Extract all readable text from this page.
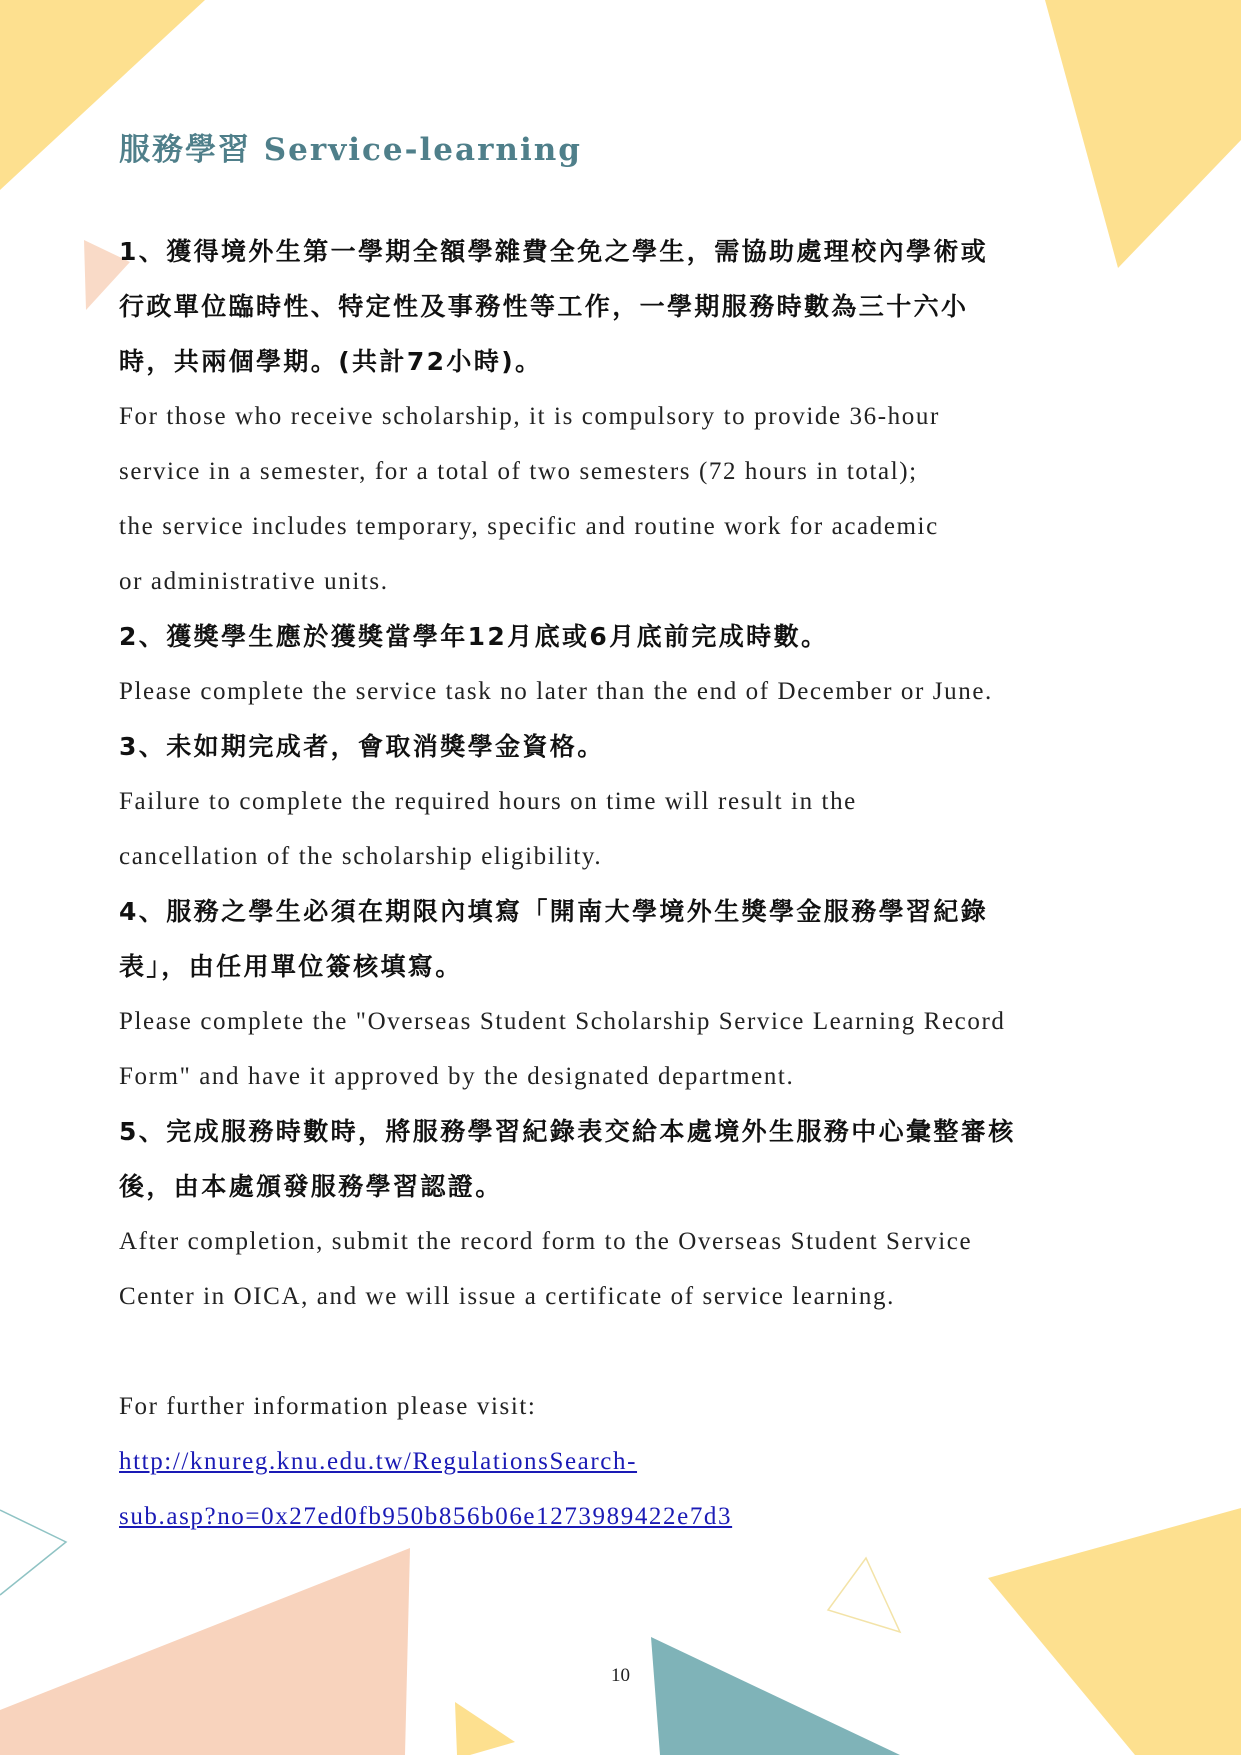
服務學習 Service-learning
1、獲得境外生第一學期全額學雜費全免之學生，需協助處理校內學術或
行政單位臨時性、特定性及事務性等工作，一學期服務時數為三十六小
時，共兩個學期。(共計72小時)。
For those who receive scholarship, it is compulsory to provide 36-hour
service in a semester, for a total of two semesters (72 hours in total);
the service includes temporary, specific and routine work for academic
or administrative units.
2、獲獎學生應於獲獎當學年12月底或6月底前完成時數。
Please complete the service task no later than the end of December or June.
3、未如期完成者，會取消獎學金資格。
Failure to complete the required hours on time will result in the
cancellation of the scholarship eligibility.
4、服務之學生必須在期限內填寫「開南大學境外生獎學金服務學習紀錄
表」，由任用單位簽核填寫。
Please complete the "Overseas Student Scholarship Service Learning Record
Form" and have it approved by the designated department.
5、完成服務時數時，將服務學習紀錄表交給本處境外生服務中心彙整審核
後，由本處頒發服務學習認證。
After completion, submit the record form to the Overseas Student Service
Center in OICA, and we will issue a certificate of service learning.
For further information please visit:
http://knureg.knu.edu.tw/RegulationsSearch-
sub.asp?no=0x27ed0fb950b856b06e1273989422e7d3
10
